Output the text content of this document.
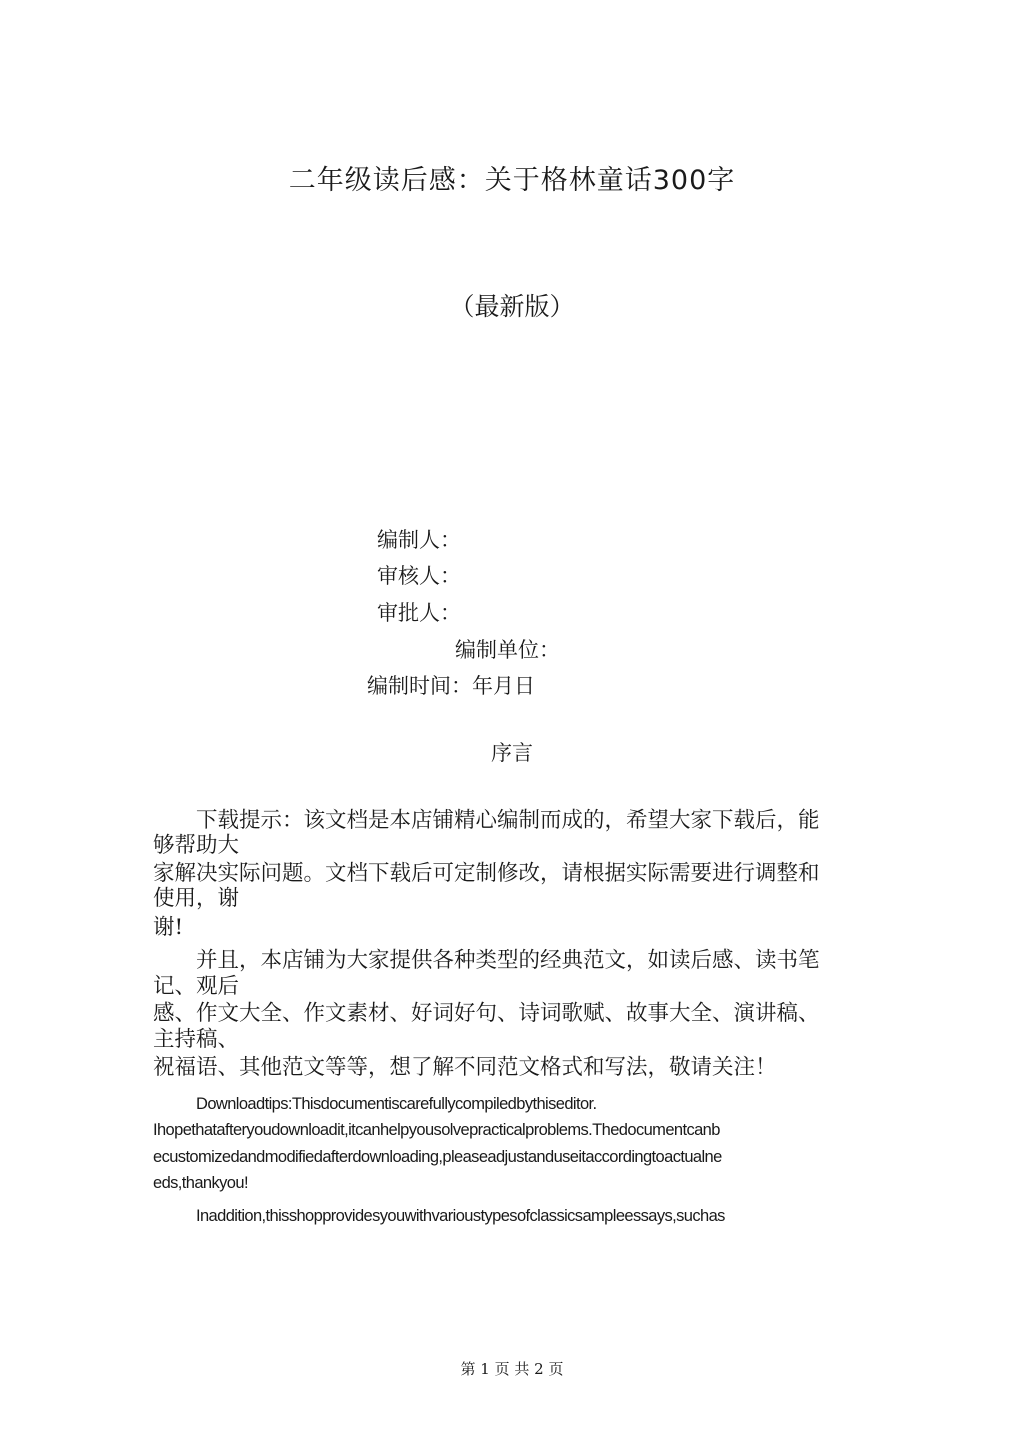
二年级读后感：关于格林童话300字
（最新版）
编制人：
审核人：
审批人：
编制单位：
编制时间：年月日
序言
下载提示：该文档是本店铺精心编制而成的，希望大家下载后，能
够帮助大
家解决实际问题。文档下载后可定制修改，请根据实际需要进行调整和
使用，谢
谢!
并且，本店铺为大家提供各种类型的经典范文，如读后感、读书笔
记、观后
感、作文大全、作文素材、好词好句、诗词歌赋、故事大全、演讲稿、
主持稿、
祝福语、其他范文等等，想了解不同范文格式和写法，敬请关注！
Downloadtips:Thisdocumentiscarefullycompiledbythiseditor.
Ihopethatafteryoudownloadit,itcanhelpyousolvepracticalproblems.Thedocumentcanb
ecustomizedandmodifiedafterdownloading,pleaseadjustanduseitaccordingtoactualne
eds,thankyou!
Inaddition,thisshopprovidesyouwithvarioustypesofclassicsampleessays,suchas
第 1 页 共 2 页
